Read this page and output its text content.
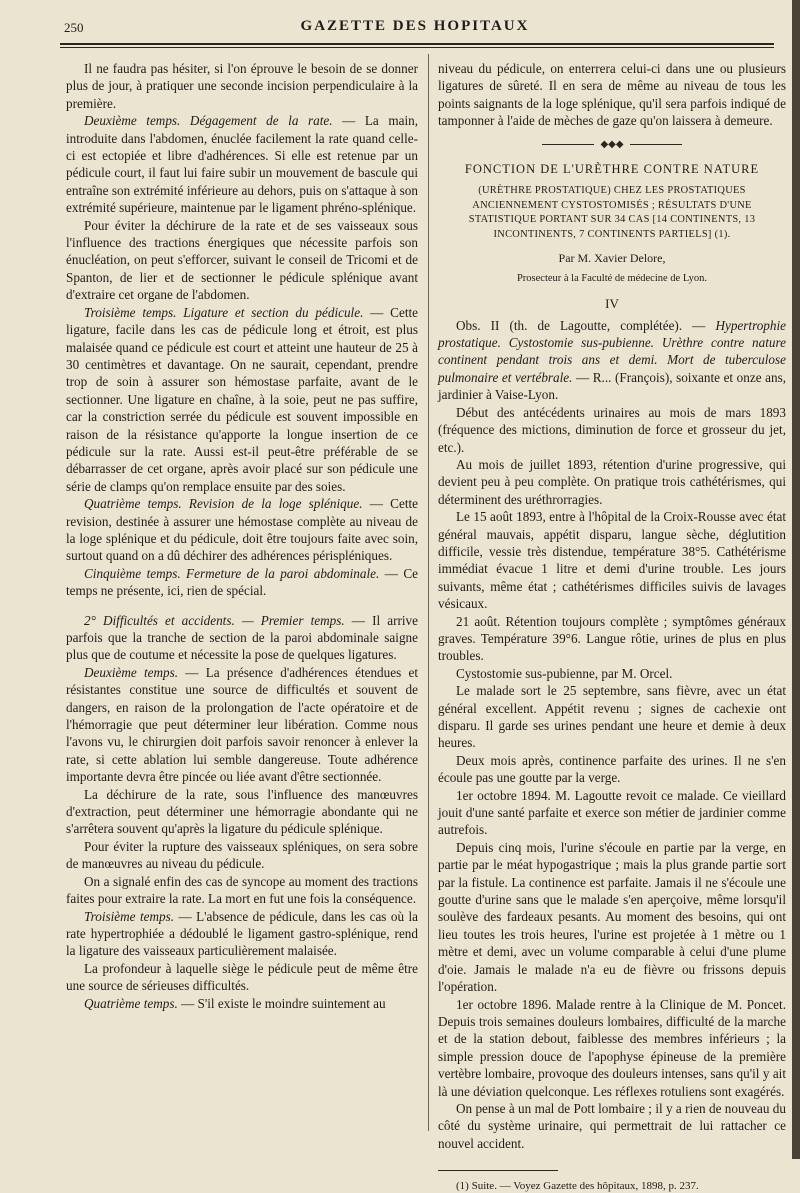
250	GAZETTE DES HOPITAUX

Il ne faudra pas hésiter, si l'on éprouve le besoin de se donner plus de jour, à pratiquer une seconde incision perpendiculaire à la première.

Deuxième temps. Dégagement de la rate. — La main, introduite dans l'abdomen, énuclée facilement la rate quand celle-ci est ectopiée et libre d'adhérences. Si elle est retenue par un pédicule court, il faut lui faire subir un mouvement de bascule qui entraîne son extrémité inférieure au dehors, puis on s'attaque à son extrémité supérieure, maintenue par le ligament phréno-splénique.

Pour éviter la déchirure de la rate et de ses vaisseaux sous l'influence des tractions énergiques que nécessite parfois son énucléation, on peut s'efforcer, suivant le conseil de Tricomi et de Spanton, de lier et de sectionner le pédicule splénique avant d'extraire cet organe de l'abdomen.

Troisième temps. Ligature et section du pédicule. — Cette ligature, facile dans les cas de pédicule long et étroit, est plus malaisée quand ce pédicule est court et atteint une hauteur de 25 à 30 centimètres et davantage. On ne saurait, cependant, prendre trop de soin à assurer son hémostase parfaite, avant de le sectionner. Une ligature en chaîne, à la soie, peut ne pas suffire, car la constriction serrée du pédicule est souvent impossible en raison de la résistance qu'apporte la longue insertion de ce pédicule sur la rate. Aussi est-il peut-être préférable de se débarrasser de cet organe, après avoir placé sur son pédicule une série de clamps qu'on remplace ensuite par des soies.

Quatrième temps. Revision de la loge splénique. — Cette revision, destinée à assurer une hémostase complète au niveau de la loge splénique et du pédicule, doit être toujours faite avec soin, surtout quand on a dû déchirer des adhérences périspléniques.

Cinquième temps. Fermeture de la paroi abdominale. — Ce temps ne présente, ici, rien de spécial.

2° Difficultés et accidents. — Premier temps. — Il arrive parfois que la tranche de section de la paroi abdominale saigne plus que de coutume et nécessite la pose de quelques ligatures.

Deuxième temps. — La présence d'adhérences étendues et résistantes constitue une source de difficultés et souvent de dangers, en raison de la prolongation de l'acte opératoire et de l'hémorragie que peut déterminer leur libération. Comme nous l'avons vu, le chirurgien doit parfois savoir renoncer à enlever la rate, si cette ablation lui semble dangereuse. Toute adhérence importante devra être pincée ou liée avant d'être sectionnée.

La déchirure de la rate, sous l'influence des manœuvres d'extraction, peut déterminer une hémorragie abondante qui ne s'arrêtera souvent qu'après la ligature du pédicule splénique.

Pour éviter la rupture des vaisseaux spléniques, on sera sobre de manœuvres au niveau du pédicule.

On a signalé enfin des cas de syncope au moment des tractions faites pour extraire la rate. La mort en fut une fois la conséquence.

Troisième temps. — L'absence de pédicule, dans les cas où la rate hypertrophiée a dédoublé le ligament gastro-splénique, rend la ligature des vaisseaux particulièrement malaisée.

La profondeur à laquelle siège le pédicule peut de même être une source de sérieuses difficultés.

Quatrième temps. — S'il existe le moindre suintement au

niveau du pédicule, on enterrera celui-ci dans une ou plusieurs ligatures de sûreté. Il en sera de même au niveau de tous les points saignants de la loge splénique, qu'il sera parfois indiqué de tamponner à l'aide de mèches de gaze qu'on laissera à demeure.

◆◆◆
FONCTION DE L'URÈTHRE CONTRE NATURE
(URÈTHRE PROSTATIQUE) CHEZ LES PROSTATIQUES ANCIENNEMENT CYSTOSTOMISÉS ; RÉSULTATS D'UNE STATISTIQUE PORTANT SUR 34 CAS [14 CONTINENTS, 13 INCONTINENTS, 7 CONTINENTS PARTIELS] (1).
Par M. Xavier Delore,
Prosecteur à la Faculté de médecine de Lyon.
IV

Obs. II (th. de Lagoutte, complétée). — Hypertrophie prostatique. Cystostomie sus-pubienne. Urèthre contre nature continent pendant trois ans et demi. Mort de tuberculose pulmonaire et vertébrale. — R... (François), soixante et onze ans, jardinier à Vaise-Lyon.

Début des antécédents urinaires au mois de mars 1893 (fréquence des mictions, diminution de force et grosseur du jet, etc.).

Au mois de juillet 1893, rétention d'urine progressive, qui devient peu à peu complète. On pratique trois cathétérismes, qui déterminent des uréthrorragies.

Le 15 août 1893, entre à l'hôpital de la Croix-Rousse avec état général mauvais, appétit disparu, langue sèche, déglutition difficile, vessie très distendue, température 38°5. Cathétérisme immédiat évacue 1 litre et demi d'urine trouble. Les jours suivants, même état ; cathétérismes difficiles suivis de lavages vésicaux.

21 août. Rétention toujours complète ; symptômes généraux graves. Température 39°6. Langue rôtie, urines de plus en plus troubles.

Cystostomie sus-pubienne, par M. Orcel.

Le malade sort le 25 septembre, sans fièvre, avec un état général excellent. Appétit revenu ; signes de cachexie ont disparu. Il garde ses urines pendant une heure et demie à deux heures.

Deux mois après, continence parfaite des urines. Il ne s'en écoule pas une goutte par la verge.

1er octobre 1894. M. Lagoutte revoit ce malade. Ce vieillard jouit d'une santé parfaite et exerce son métier de jardinier comme autrefois.

Depuis cinq mois, l'urine s'écoule en partie par la verge, en partie par le méat hypogastrique ; mais la plus grande partie sort par la fistule. La continence est parfaite. Jamais il ne s'écoule une goutte d'urine sans que le malade s'en aperçoive, même lorsqu'il soulève des fardeaux pesants. Au moment des besoins, qui ont lieu toutes les trois heures, l'urine est projetée à 1 mètre ou 1 mètre et demi, avec un volume comparable à celui d'une plume d'oie. Jamais le malade n'a eu de fièvre ou frissons depuis l'opération.

1er octobre 1896. Malade rentre à la Clinique de M. Poncet. Depuis trois semaines douleurs lombaires, difficulté de la marche et de la station debout, faiblesse des membres inférieurs ; la simple pression douce de l'apophyse épineuse de la première vertèbre lombaire, provoque des douleurs intenses, sans qu'il y ait là une déviation quelconque. Les réflexes rotuliens sont exagérés.

On pense à un mal de Pott lombaire ; il y a rien de nouveau du côté du système urinaire, qui permettrait de lui rattacher ce nouvel accident.

(1) Suite. — Voyez Gazette des hôpitaux, 1898, p. 237.
